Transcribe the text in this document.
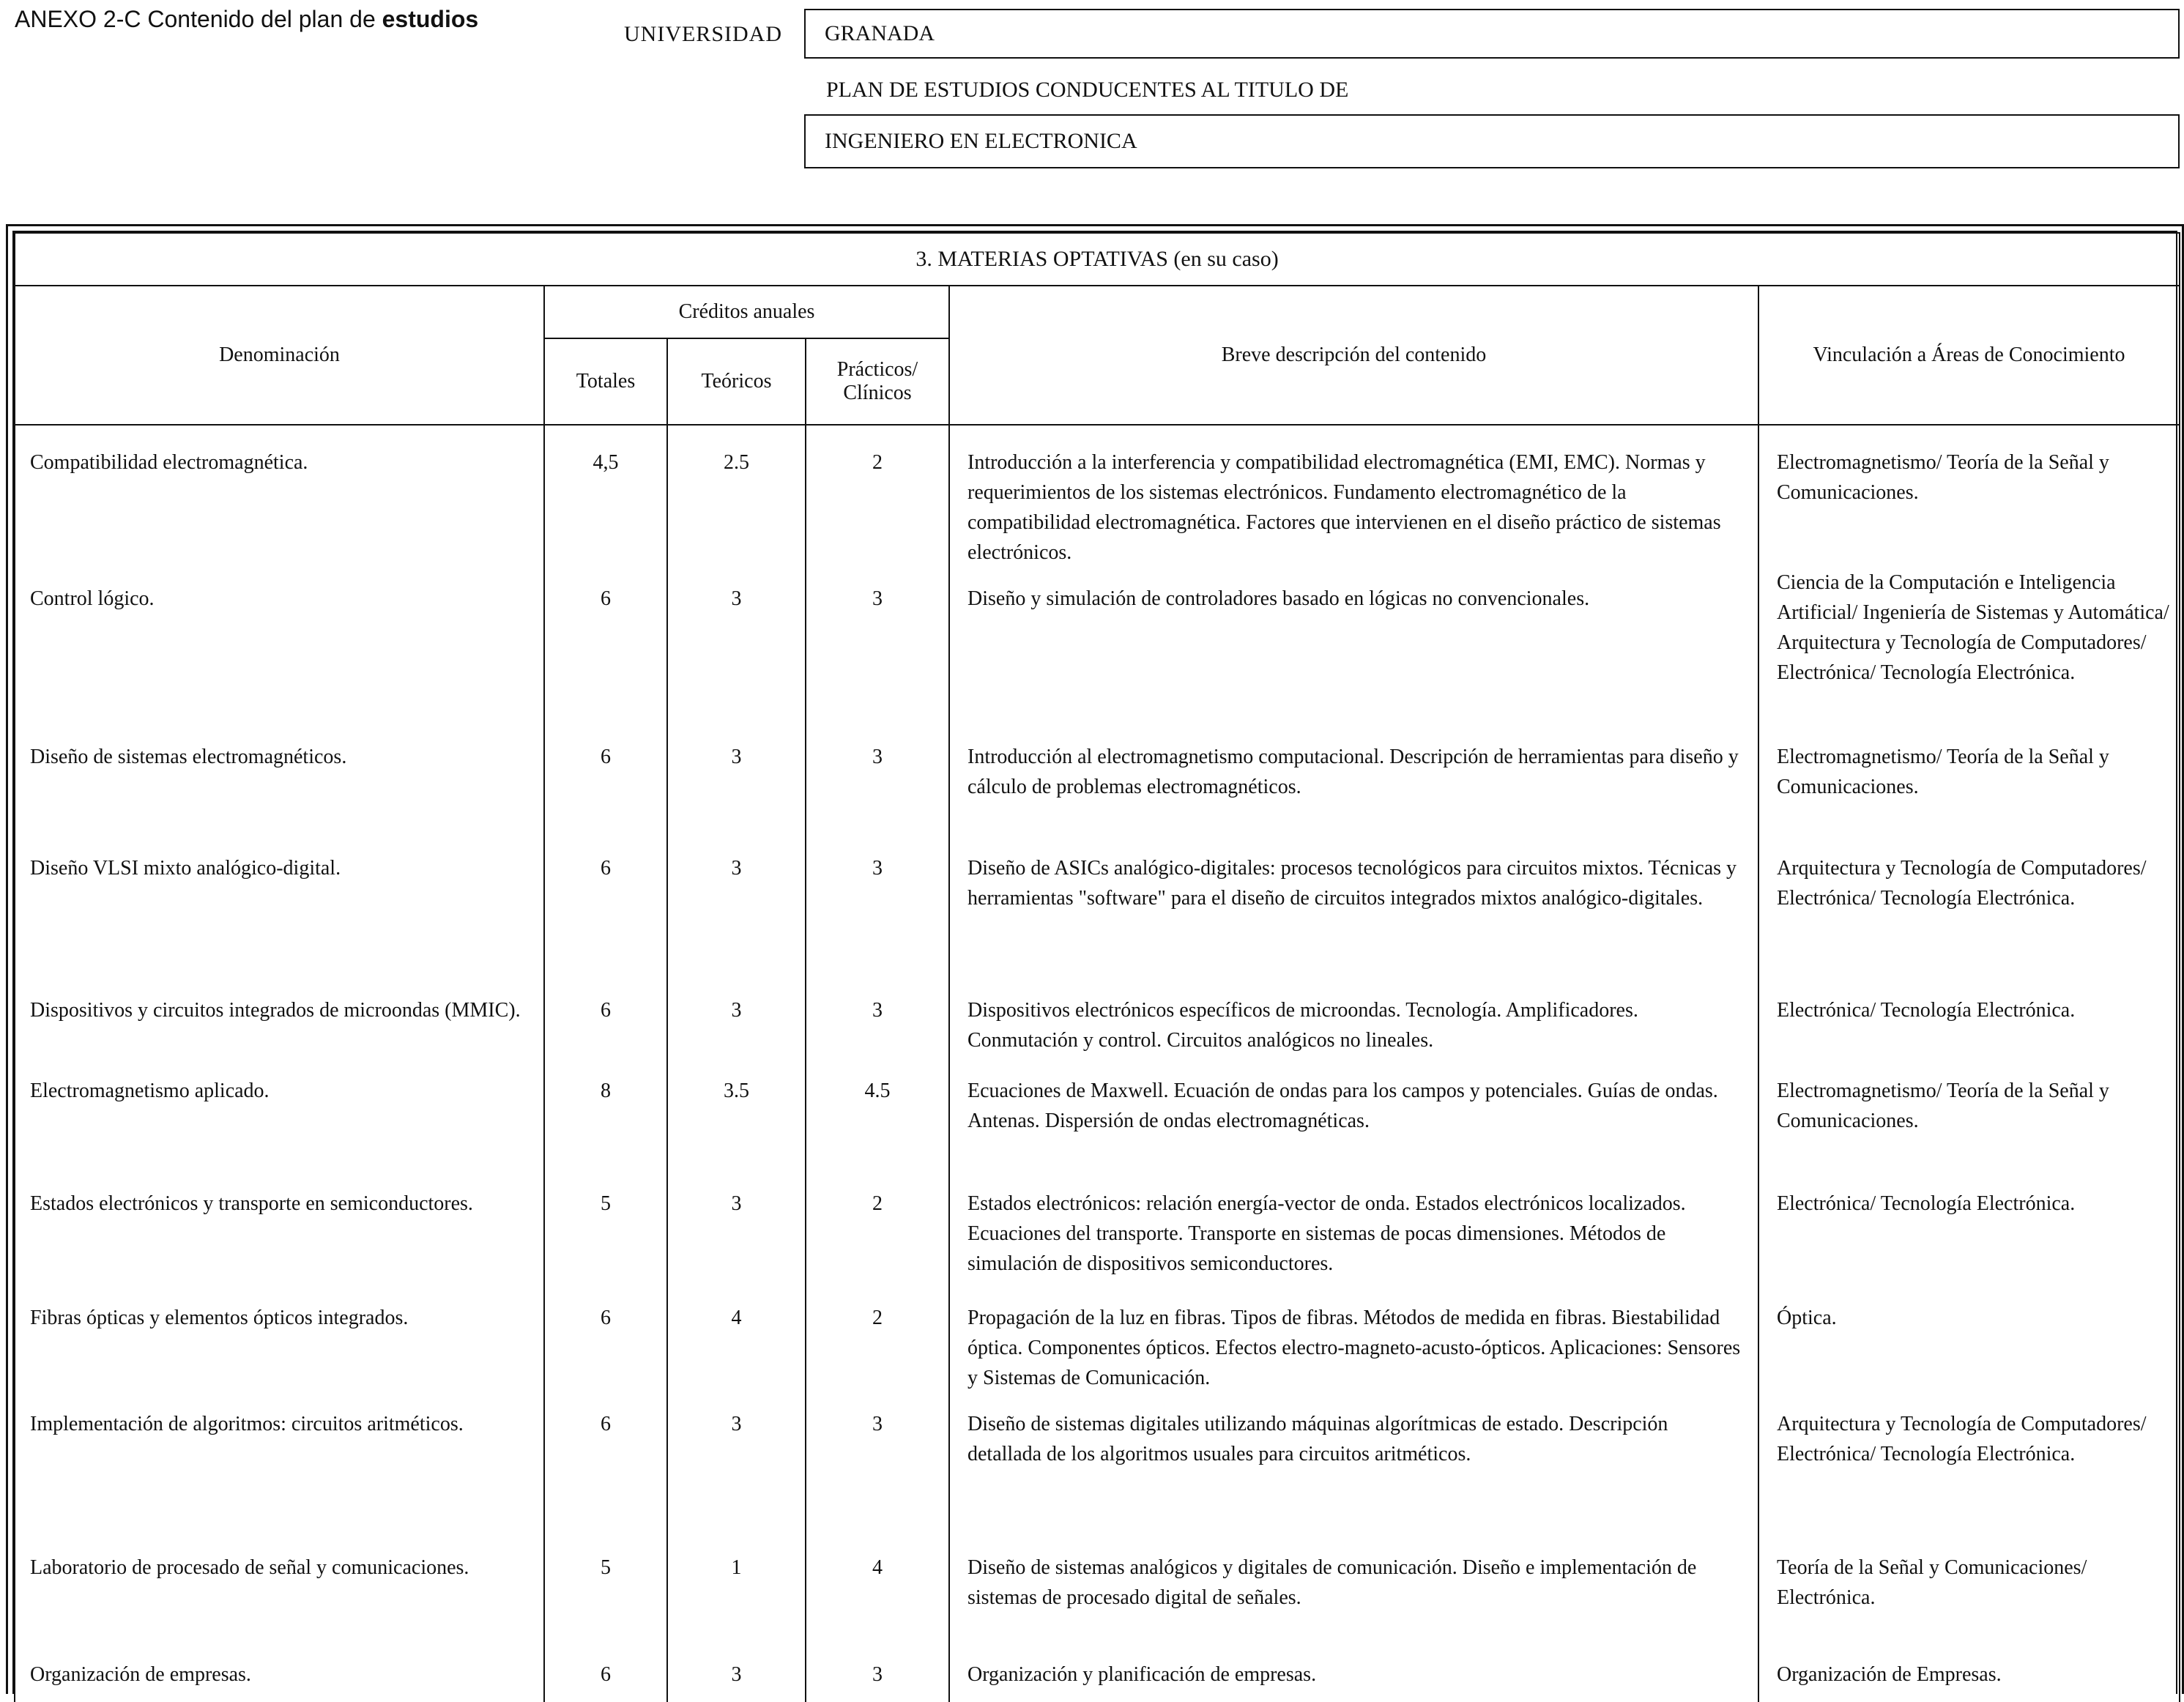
ANEXO 2-C Contenido del plan de estudios
UNIVERSIDAD GRANADA
PLAN DE ESTUDIOS CONDUCENTES AL TITULO DE
INGENIERO EN ELECTRONICA
3. MATERIAS OPTATIVAS (en su caso)					
Denominación	Créditos anuales			Breve descripción del contenido	Vinculación a Áreas de Conocimiento
	Totales	Teóricos	Prácticos/
Clínicos		
Compatibilidad electromagnética.	4,5	2.5	2	Introducción a la interferencia y compatibilidad electromagnética (EMI, EMC). Normas y requerimientos de los sistemas electrónicos. Fundamento electromagnético de la compatibilidad electromagnética. Factores que intervienen en el diseño práctico de sistemas electrónicos.	Electromagnetismo/ Teoría de la Señal y Comunicaciones.
Control lógico.	6	3	3	Diseño y simulación de controladores basado en lógicas no convencionales.	Ciencia de la Computación e Inteligencia Artificial/ Ingeniería de Sistemas y Automática/ Arquitectura y Tecnología de Computadores/ Electrónica/ Tecnología Electrónica.
Diseño de sistemas electromagnéticos.	6	3	3	Introducción al electromagnetismo computacional. Descripción de herramientas para diseño y cálculo de problemas electromagnéticos.	Electromagnetismo/ Teoría de la Señal y Comunicaciones.
Diseño VLSI mixto analógico-digital.	6	3	3	Diseño de ASICs analógico-digitales: procesos tecnológicos para circuitos mixtos. Técnicas y herramientas "software" para el diseño de circuitos integrados mixtos analógico-digitales.	Arquitectura y Tecnología de Computadores/ Electrónica/ Tecnología Electrónica.
Dispositivos y circuitos integrados de microondas (MMIC).	6	3	3	Dispositivos electrónicos específicos de microondas. Tecnología. Amplificadores. Conmutación y control. Circuitos analógicos no lineales.	Electrónica/ Tecnología Electrónica.
Electromagnetismo aplicado.	8	3.5	4.5	Ecuaciones de Maxwell. Ecuación de ondas para los campos y potenciales. Guías de ondas. Antenas. Dispersión de ondas electromagnéticas.	Electromagnetismo/ Teoría de la Señal y Comunicaciones.
Estados electrónicos y transporte en semiconductores.	5	3	2	Estados electrónicos: relación energía-vector de onda. Estados electrónicos localizados. Ecuaciones del transporte. Transporte en sistemas de pocas dimensiones. Métodos de simulación de dispositivos semiconductores.	Electrónica/ Tecnología Electrónica.
Fibras ópticas y elementos ópticos integrados.	6	4	2	Propagación de la luz en fibras. Tipos de fibras. Métodos de medida en fibras. Biestabilidad óptica. Componentes ópticos. Efectos electro-magneto-acusto-ópticos. Aplicaciones: Sensores y Sistemas de Comunicación.	Óptica.
Implementación de algoritmos: circuitos aritméticos.	6	3	3	Diseño de sistemas digitales utilizando máquinas algorítmicas de estado. Descripción detallada de los algoritmos usuales para circuitos aritméticos.	Arquitectura y Tecnología de Computadores/ Electrónica/ Tecnología Electrónica.
Laboratorio de procesado de señal y comunicaciones.	5	1	4	Diseño de sistemas analógicos y digitales de comunicación. Diseño e implementación de sistemas de procesado digital de señales.	Teoría de la Señal y Comunicaciones/ Electrónica.
Organización de empresas.	6	3	3	Organización y planificación de empresas.	Organización de Empresas.
